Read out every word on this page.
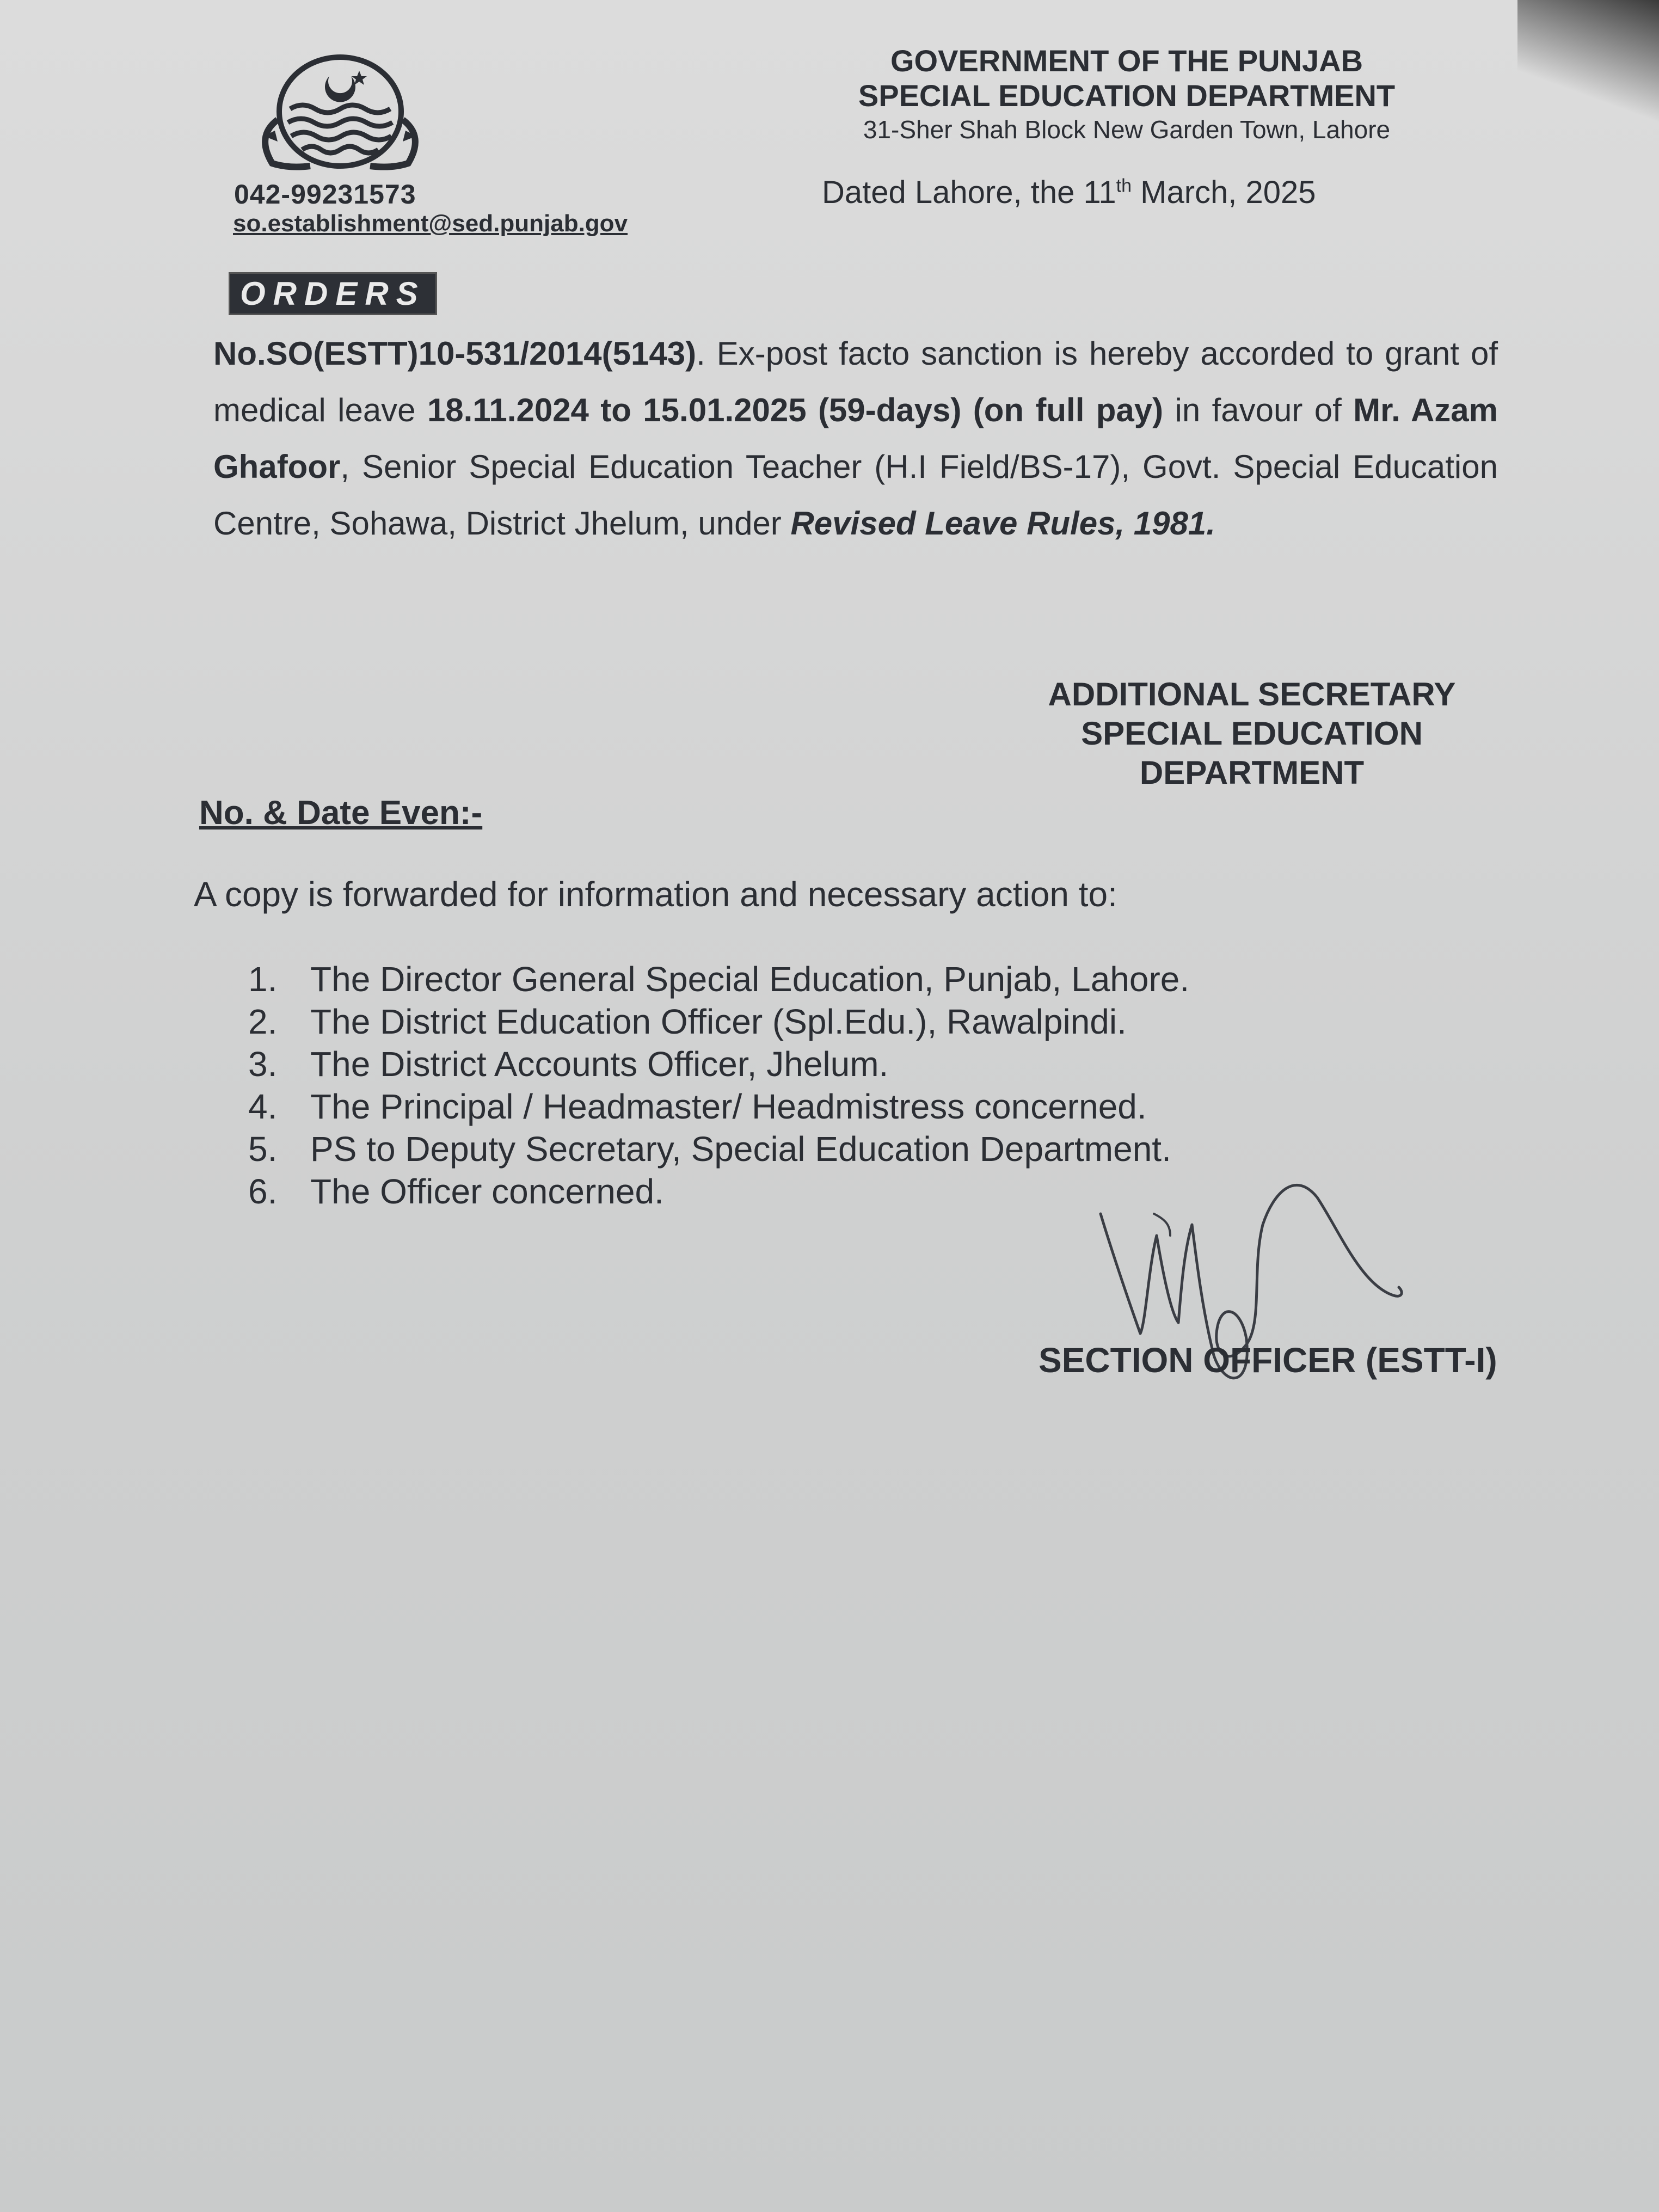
042-99231573
so.establishment@sed.punjab.gov
GOVERNMENT OF THE PUNJAB
SPECIAL EDUCATION DEPARTMENT
31-Sher Shah Block New Garden Town, Lahore
Dated Lahore, the 11th March, 2025
ORDERS

No.SO(ESTT)10-531/2014(5143). Ex-post facto sanction is hereby accorded to grant of medical leave 18.11.2024 to 15.01.2025 (59-days) (on full pay) in favour of Mr. Azam Ghafoor, Senior Special Education Teacher (H.I Field/BS-17), Govt. Special Education Centre, Sohawa, District Jhelum, under Revised Leave Rules, 1981.

ADDITIONAL SECRETARY
SPECIAL EDUCATION
DEPARTMENT
No. & Date Even:-
A copy is forwarded for information and necessary action to:
1. The Director General Special Education, Punjab, Lahore.
2. The District Education Officer (Spl.Edu.), Rawalpindi.
3. The District Accounts Officer, Jhelum.
4. The Principal / Headmaster/ Headmistress concerned.
5. PS to Deputy Secretary, Special Education Department.
6. The Officer concerned.
SECTION OFFICER (ESTT-I)
